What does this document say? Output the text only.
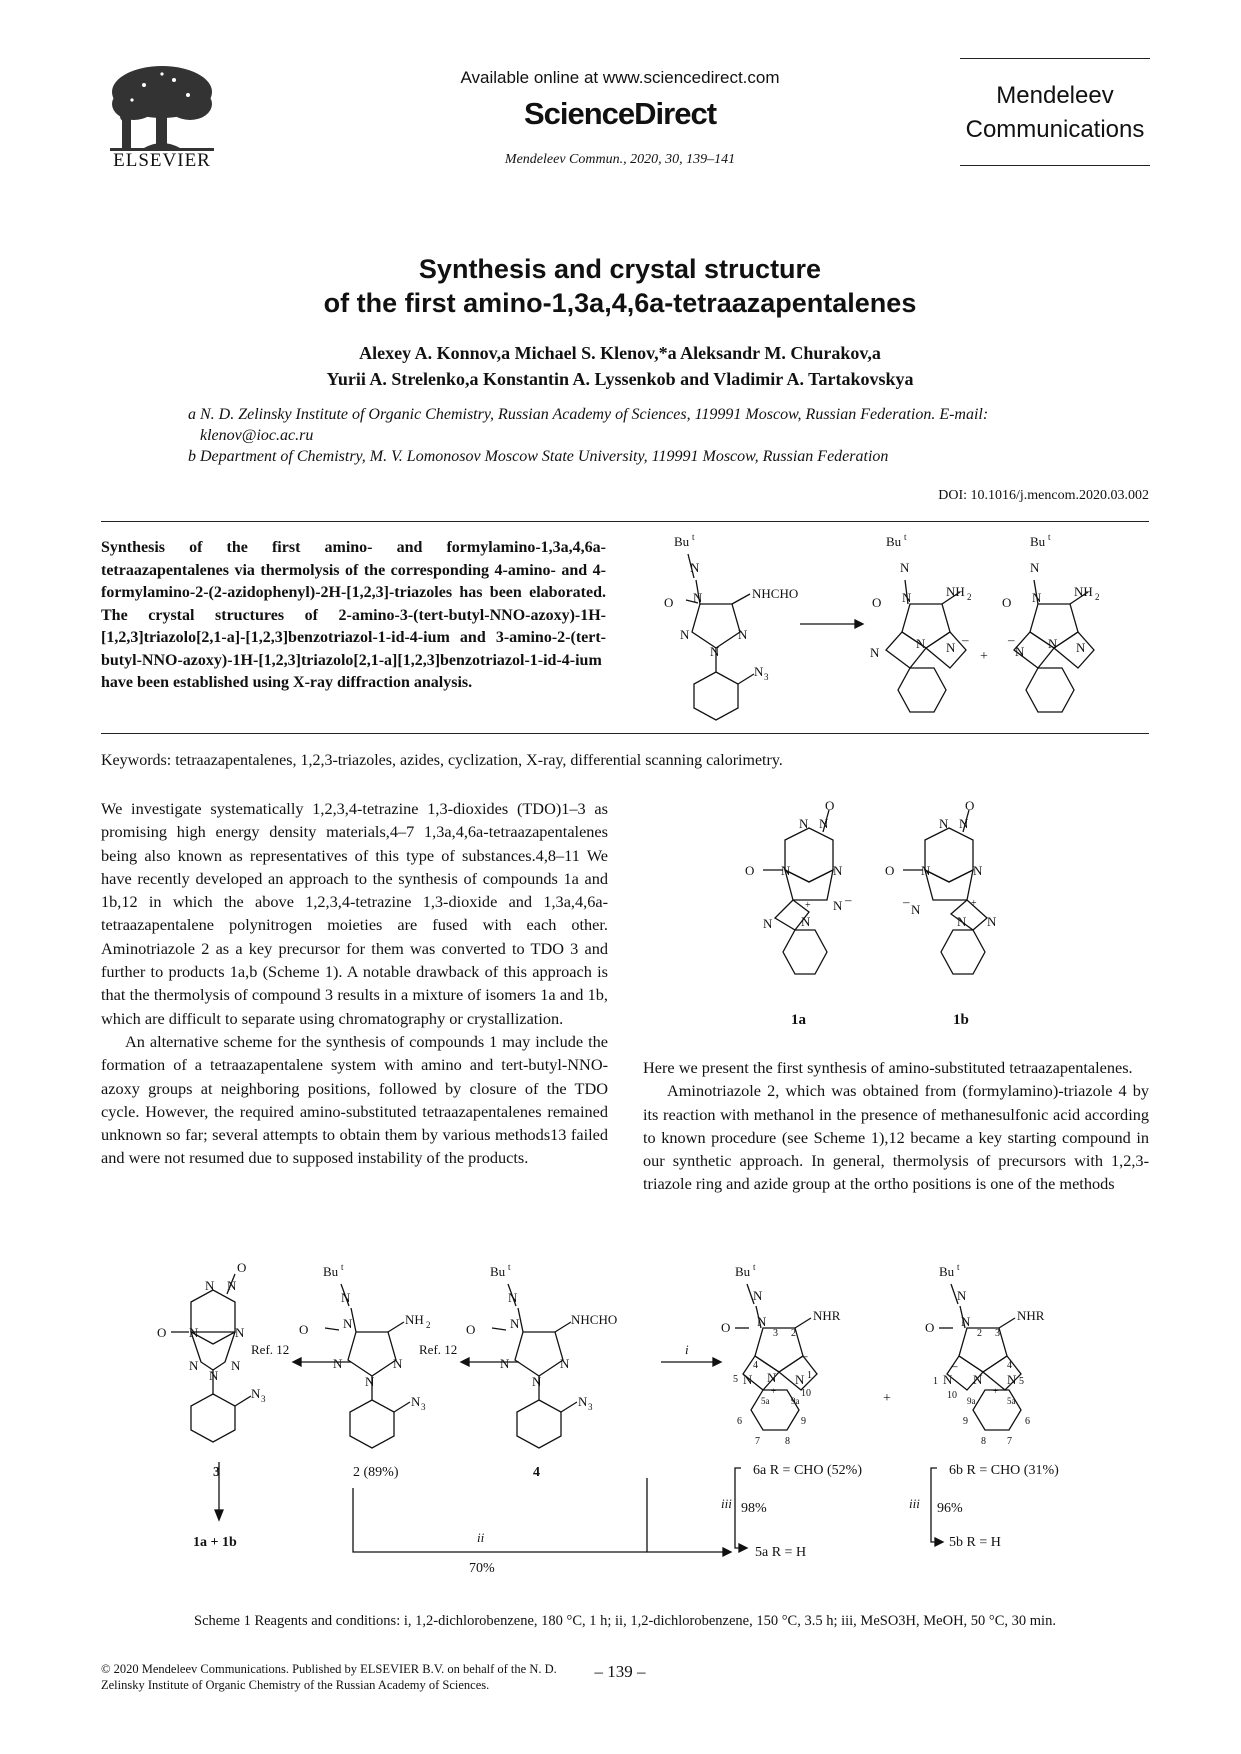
ELSEVIER
Available online at www.sciencedirect.com
ScienceDirect
Mendeleev Commun., 2020, 30, 139–141
Mendeleev
Communications
Synthesis and crystal structure
of the first amino-1,3a,4,6a-tetraazapentalenes
Alexey A. Konnov,a Michael S. Klenov,*a Aleksandr M. Churakov,a
Yurii A. Strelenko,a Konstantin A. Lyssenkob and Vladimir A. Tartakovskya
a N. D. Zelinsky Institute of Organic Chemistry, Russian Academy of Sciences, 119991 Moscow, Russian Federation. E-mail: klenov@ioc.ac.ru
b Department of Chemistry, M. V. Lomonosov Moscow State University, 119991 Moscow, Russian Federation
DOI: 10.1016/j.mencom.2020.03.002
Synthesis of the first amino- and formylamino-1,3a,4,6a-tetraazapentalenes via thermolysis of the corresponding 4-amino- and 4-formylamino-2-(2-azidophenyl)-2H-[1,2,3]-triazoles has been elaborated. The crystal structures of 2-amino-3-(tert-butyl-NNO-azoxy)-1H-[1,2,3]triazolo[2,1-a]-[1,2,3]benzotriazol-1-id-4-ium and 3-amino-2-(tert-butyl-NNO-azoxy)-1H-[1,2,3]triazolo[2,1-a][1,2,3]benzotriazol-1-id-4-ium have been established using X-ray diffraction analysis.
Bu t
N
O N	NHCHO
N
N
N
N 3
Bu t
N
O N	NH 2
N
N N
–
+
Bu t
N
O N	NH 2
–
N
N N
Keywords: tetraazapentalenes, 1,2,3-triazoles, azides, cyclization, X-ray, differential scanning calorimetry.

We investigate systematically 1,2,3,4-tetrazine 1,3-dioxides (TDO)1–3 as promising high energy density materials,4–7 1,3a,4,6a-tetraazapentalenes being also known as representatives of this type of substances.4,8–11 We have recently developed an approach to the synthesis of compounds 1a and 1b,12 in which the above 1,2,3,4-tetrazine 1,3-dioxide and 1,3a,4,6a-tetraazapentalene polynitrogen moieties are fused with each other. Aminotriazole 2 as a key precursor for them was converted to TDO 3 and further to products 1a,b (Scheme 1). A notable drawback of this approach is that the thermolysis of compound 3 results in a mixture of isomers 1a and 1b, which are difficult to separate using chromatography or crystallization.

An alternative scheme for the synthesis of compounds 1 may include the formation of a tetraazapentalene system with amino and tert-butyl-NNO-azoxy groups at neighboring positions, followed by closure of the TDO cycle. However, the required amino-substituted tetraazapentalenes remained unknown so far; several attempts to obtain them by various methods13 failed and were not resumed due to supposed instability of the products.

O
N N
O N	N
N –
+
N N
O
N N
O N	N
–
N	+
N N
1a	1b

Here we present the first synthesis of amino-substituted tetraazapentalenes.

Aminotriazole 2, which was obtained from (formylamino)-triazole 4 by its reaction with methanol in the presence of methanesulfonic acid according to known procedure (see Scheme 1),12 became a key starting compound in our synthetic approach. In general, thermolysis of precursors with 1,2,3-triazole ring and azide group at the ortho positions is one of the methods

O
N N
O N	N
N	N
N
N 3
3
1a + 1b
Ref. 12
Bu t
N
O	N	NH 2
N
N
N
N 3
2 (89%)
Ref. 12
Bu t
N
O	N	NHCHO
N
N
N
N 3
4
i
Bu t
N
O N	NHR
3 2
4
–
5 N N
+
N 1
10
5a 9a
6	9
7	8
+
Bu t
N
O N	NHR
2 3
4
1 N
–
10
N
+
N 5
9a	5a
9	6
8 7
6a R = CHO (52%)
iii 98%
5a R = H
ii
70%
6b R = CHO (31%)
iii 96%
5b R = H
Scheme 1 Reagents and conditions: i, 1,2-dichlorobenzene, 180 °C, 1 h; ii, 1,2-dichlorobenzene, 150 °C, 3.5 h; iii, MeSO3H, MeOH, 50 °C, 30 min.
© 2020 Mendeleev Communications. Published by ELSEVIER B.V. on behalf of the N. D. Zelinsky Institute of Organic Chemistry of the Russian Academy of Sciences.
– 139 –
